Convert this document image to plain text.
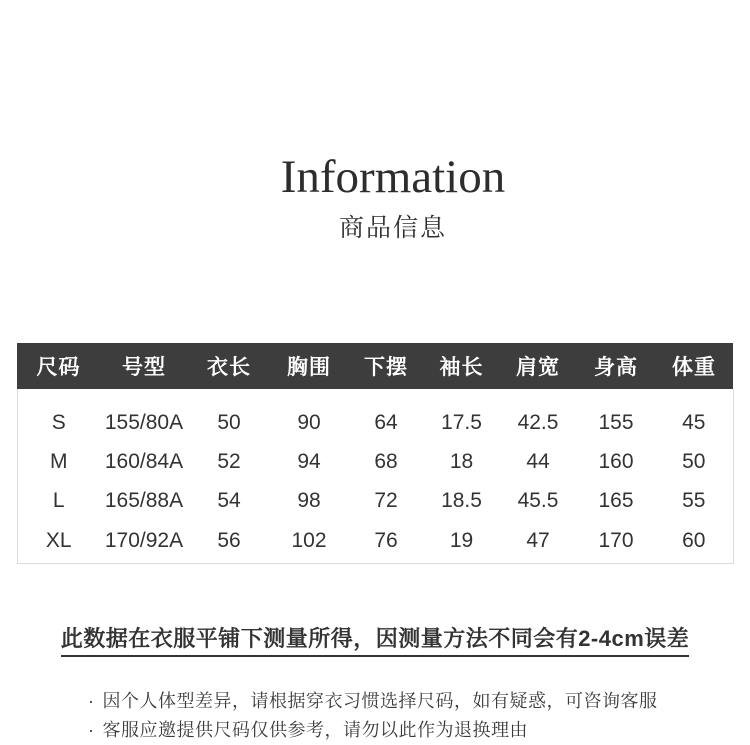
Information
商品信息
尺码	号型	衣长	胸围	下摆	袖长	肩宽	身高	体重
S	155/80A	50	90	64	17.5	42.5	155	45
M	160/84A	52	94	68	18	44	160	50
L	165/88A	54	98	72	18.5	45.5	165	55
XL	170/92A	56	102	76	19	47	170	60
此数据在衣服平铺下测量所得，因测量方法不同会有2-4cm误差
· 因个人体型差异，请根据穿衣习惯选择尺码，如有疑惑，可咨询客服
· 客服应邀提供尺码仅供参考，请勿以此作为退换理由
